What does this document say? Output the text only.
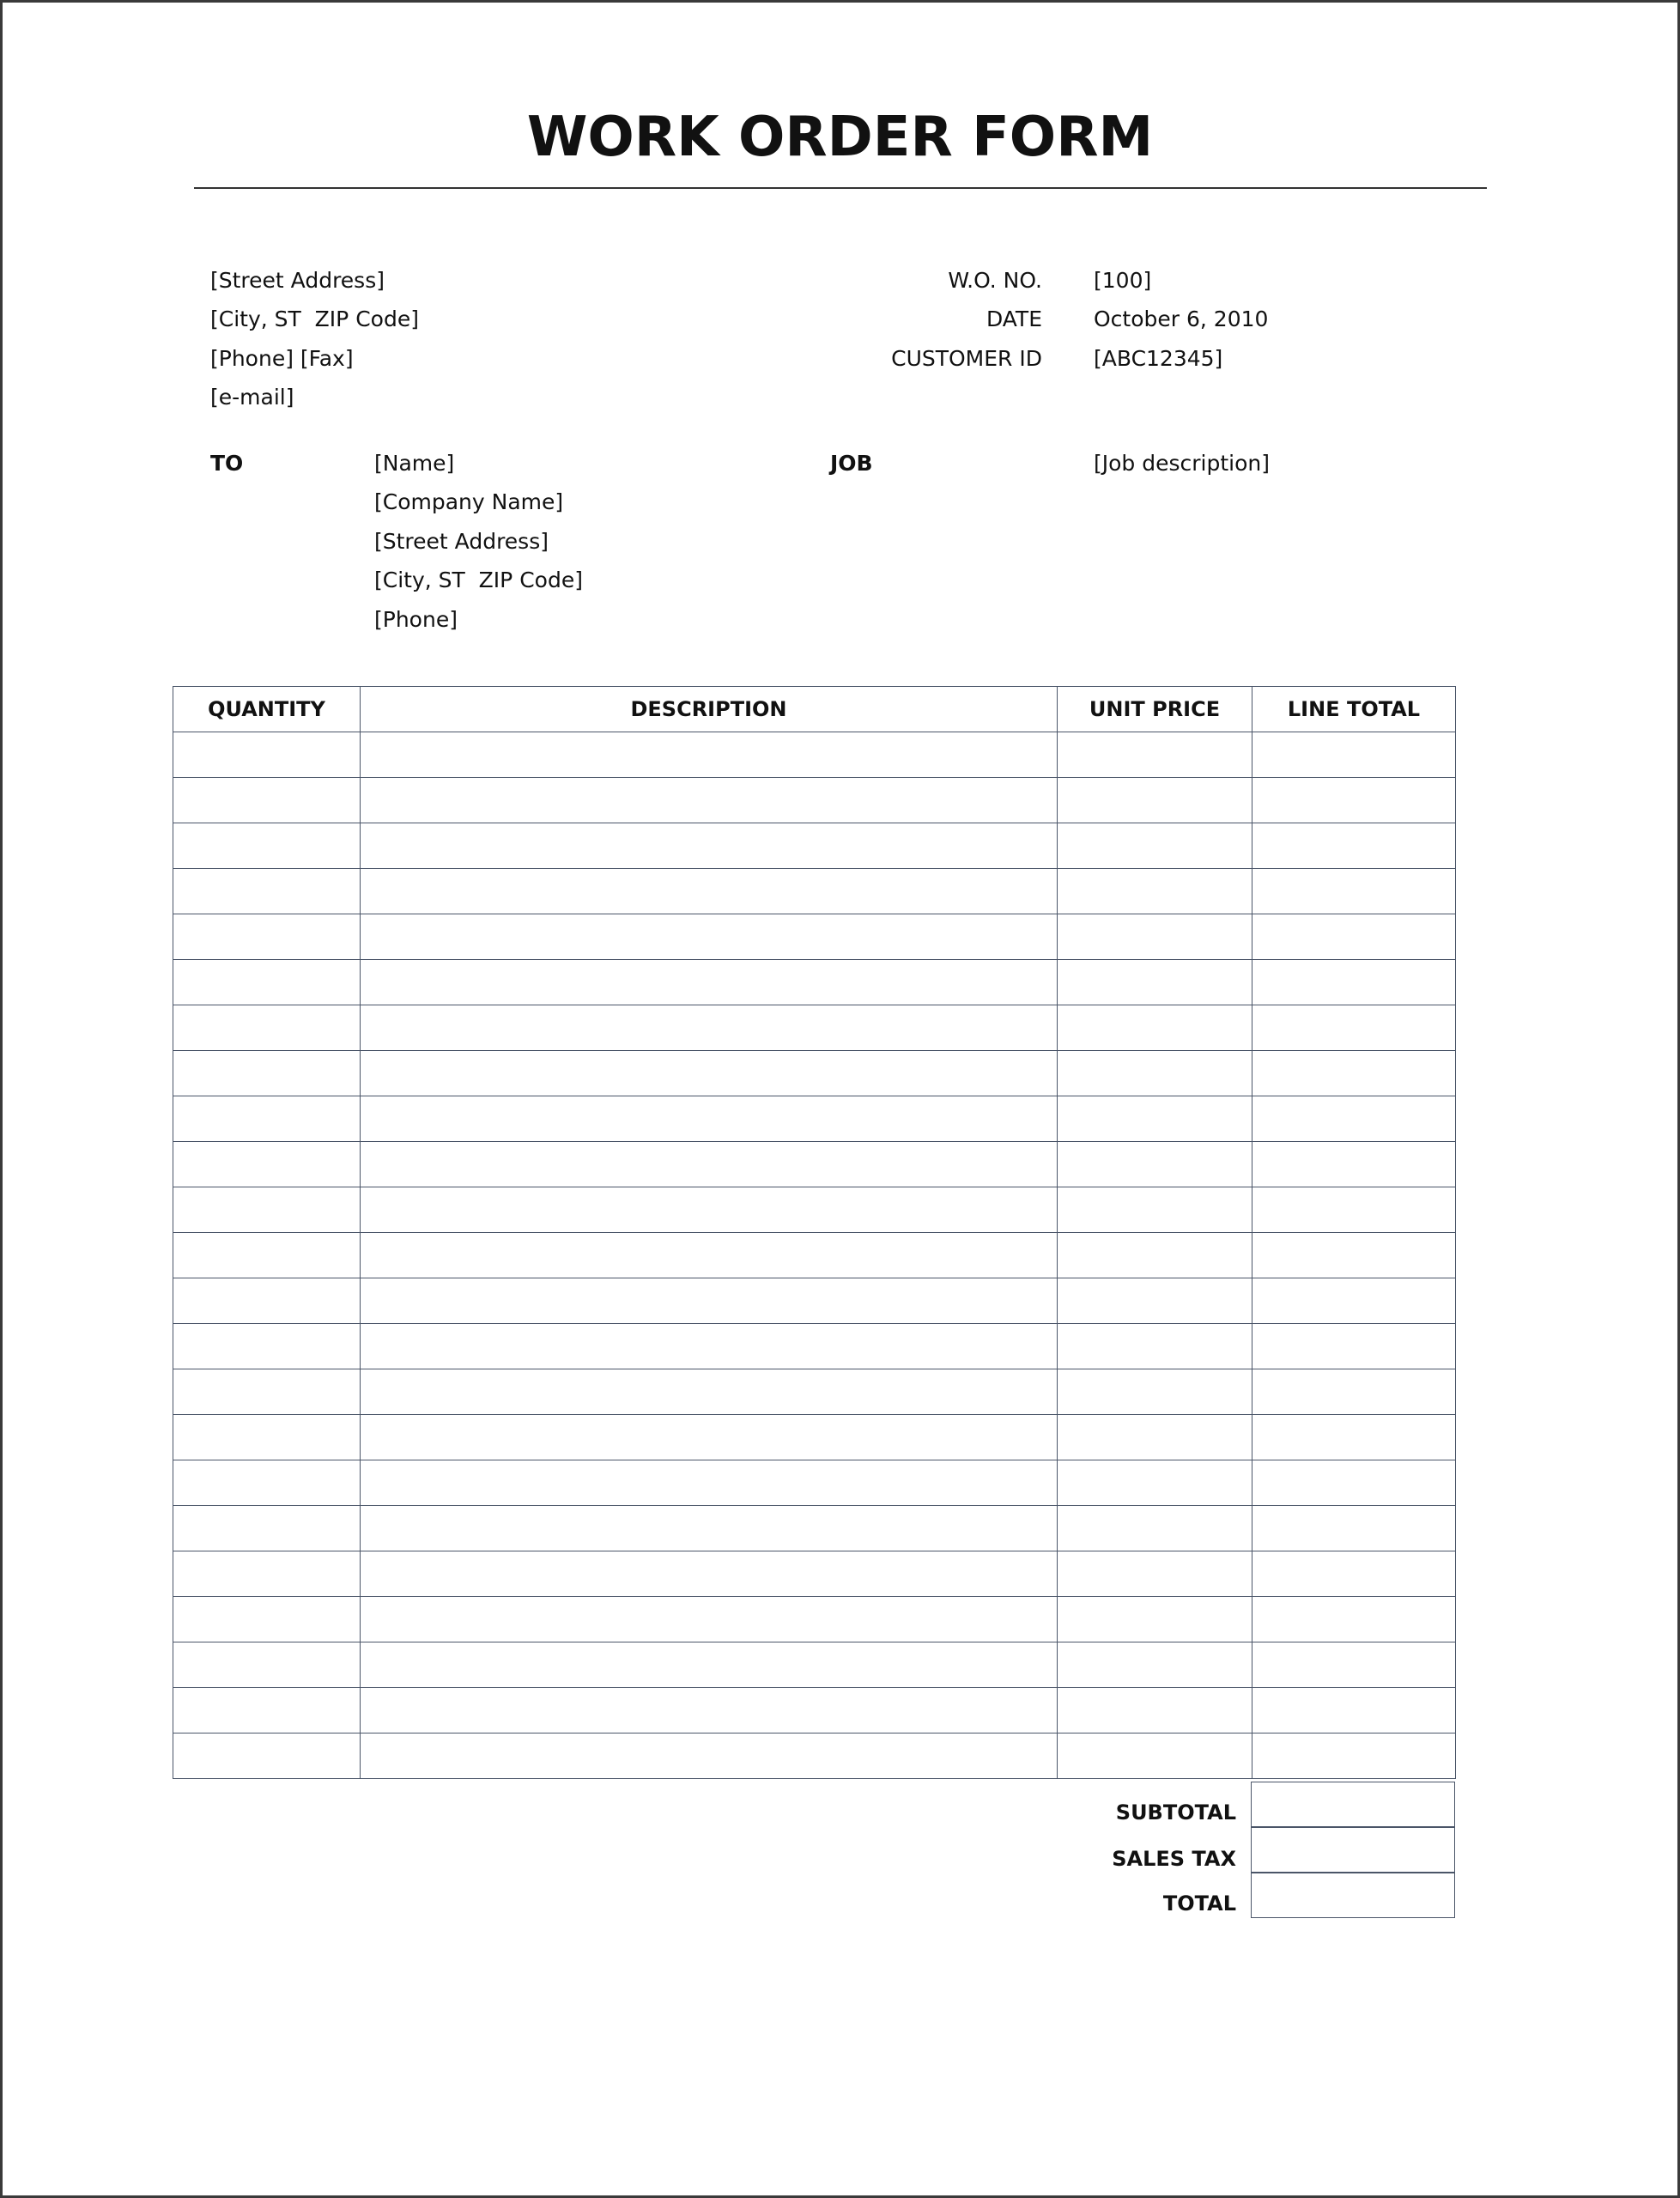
WORK ORDER FORM
[Street Address]
[City, ST  ZIP Code]
[Phone] [Fax]
[e-mail]
W.O. NO. [100]
DATE October 6, 2010
CUSTOMER ID [ABC12345]
TO	[Name]
[Company Name]
[Street Address]
[City, ST  ZIP Code]
[Phone]
JOB	[Job description]
QUANTITY	DESCRIPTION	UNIT PRICE	LINE TOTAL

SUBTOTAL
SALES TAX
TOTAL
